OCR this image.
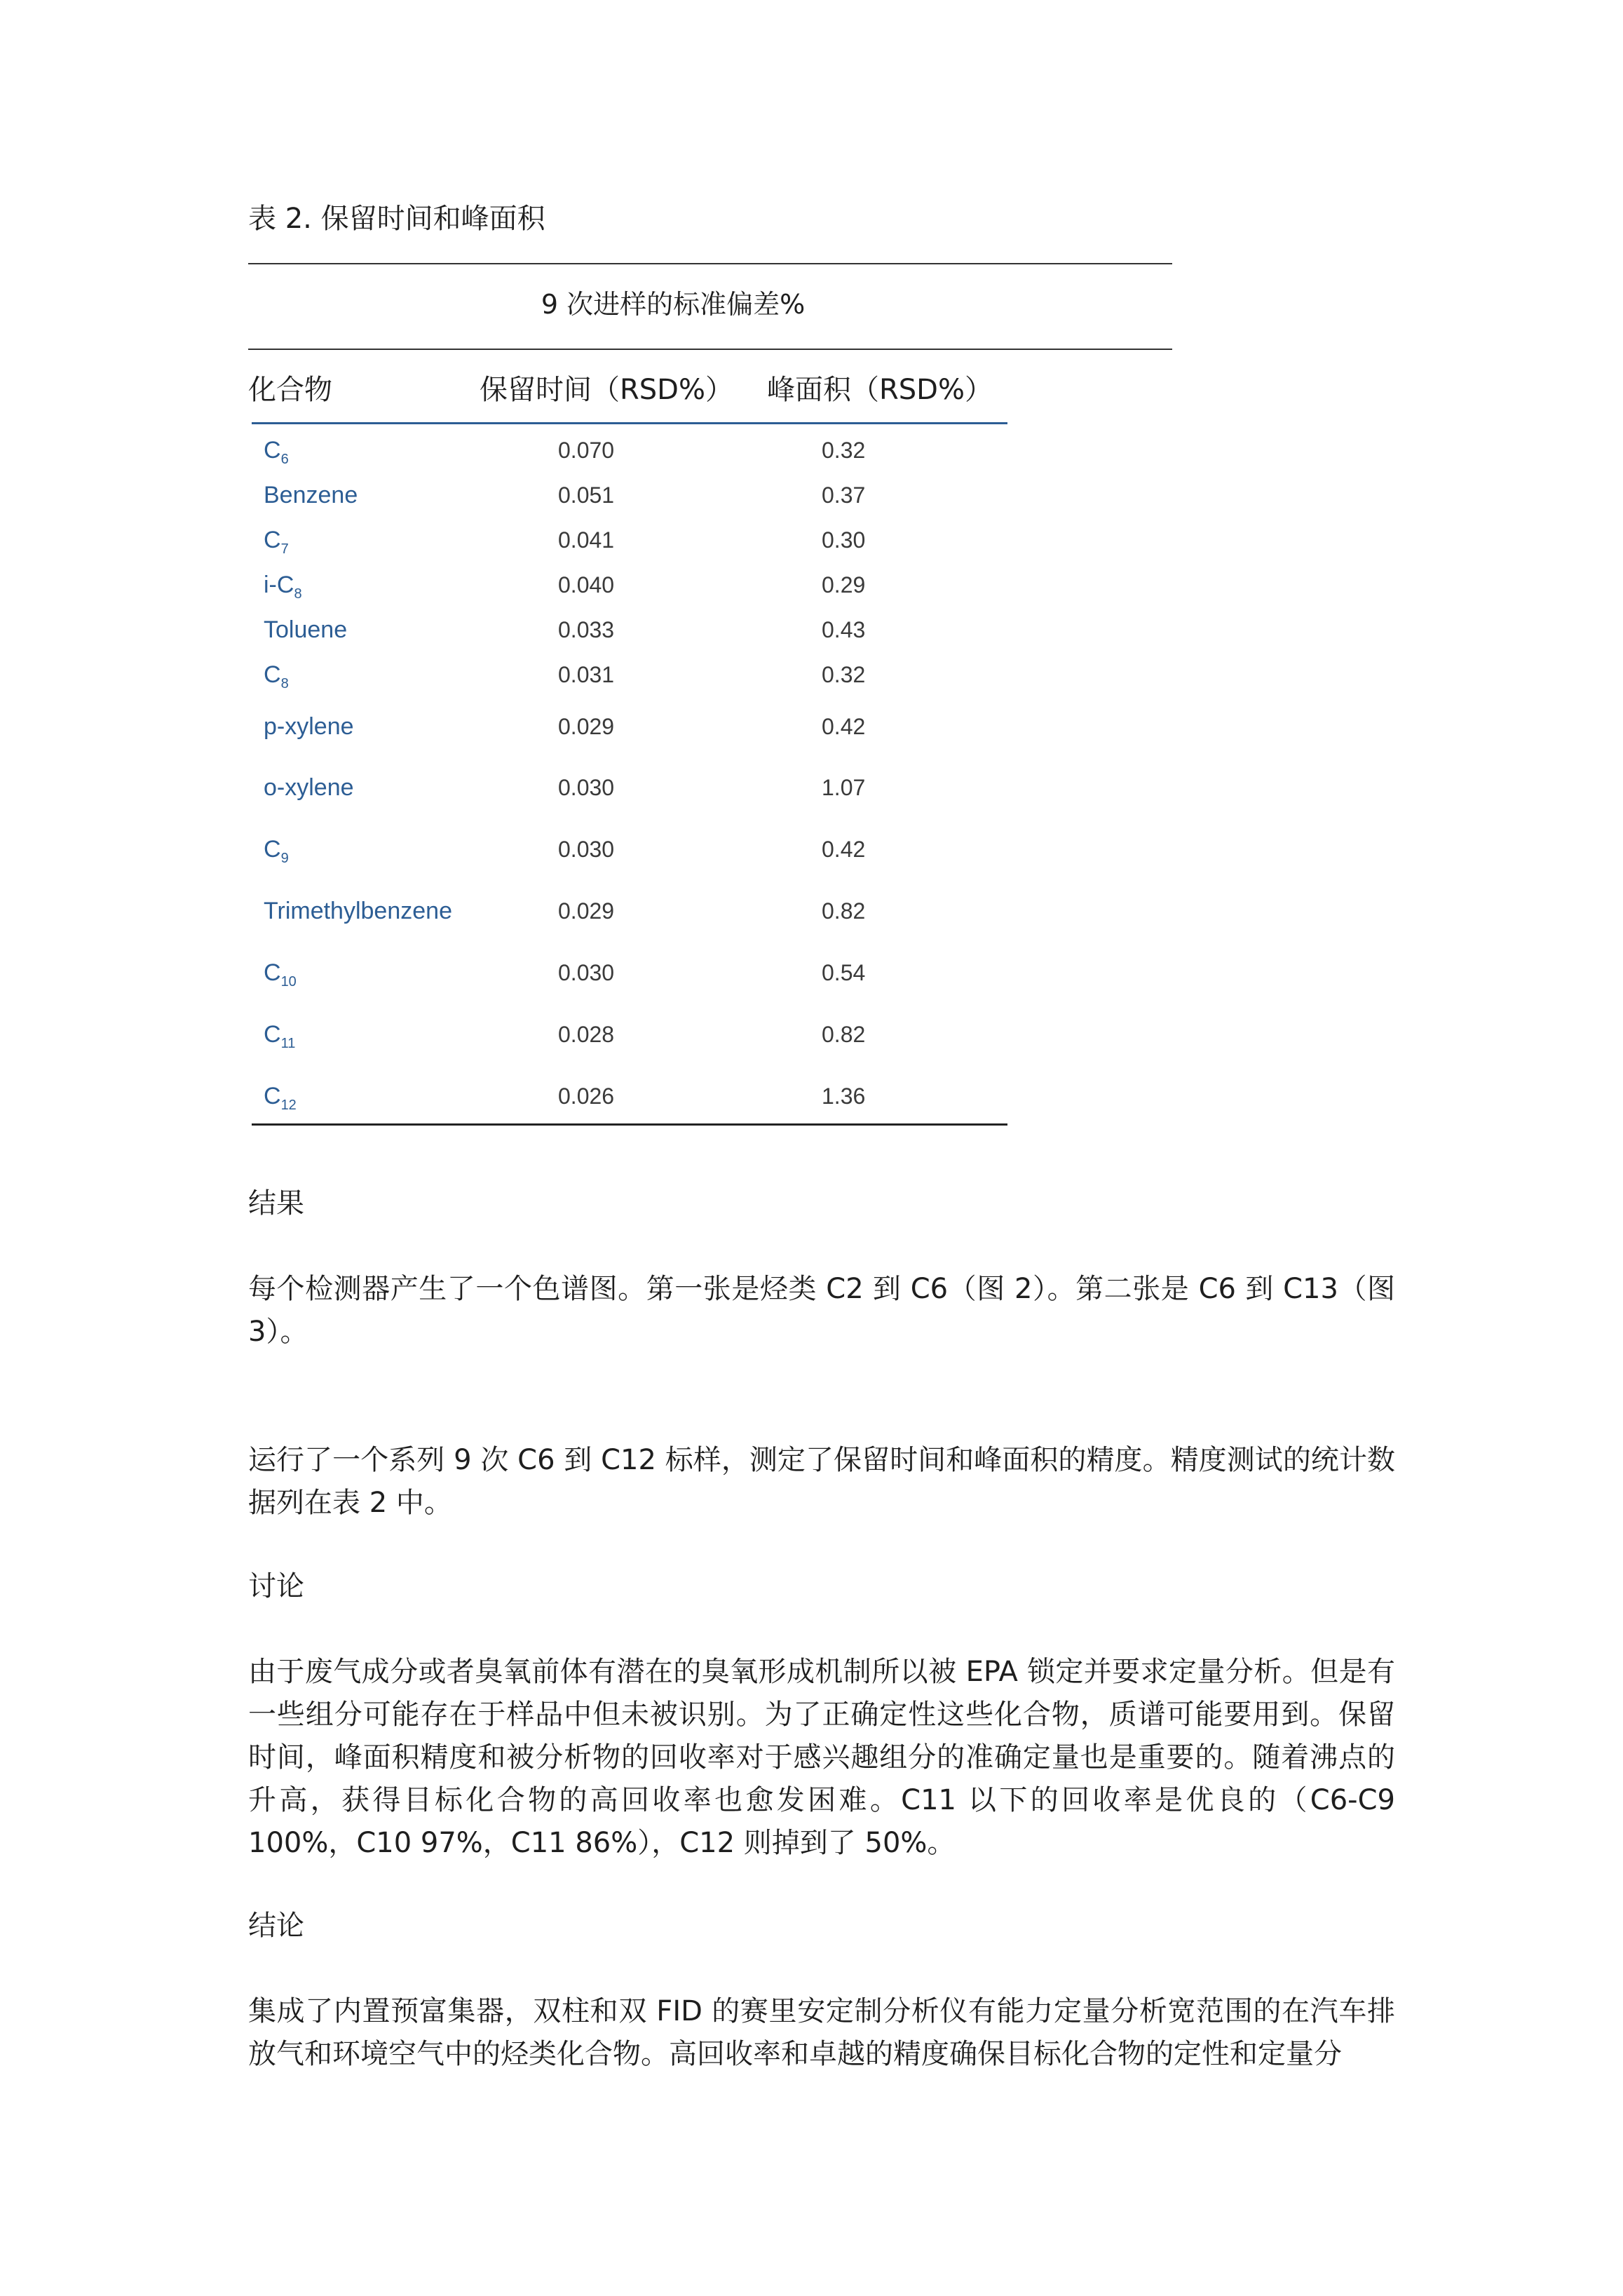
表 2. 保留时间和峰面积
9 次进样的标准偏差%
化合物	保留时间（RSD%） 峰面积（RSD%）
$C_6$	0.070	0.32
Benzene	0.051	0.37
$C_7$	0.041	0.30
$i-C_8$	0.040	0.29
Toluene	0.033	0.43
$C_8$	0.031	0.32
p-xylene	0.029	0.42
o-xylene	0.030	1.07
$C_9$	0.030	0.42
Trimethylbenzene	0.029	0.82
$C_{10}$	0.030	0.54
$C_{11}$	0.028	0.82
$C_{12}$	0.026	1.36
结果
每个检测器产生了一个色谱图。第一张是烃类 C2 到 C6（图 2）。第二张是 C6 到 C13（图 3）。
运行了一个系列 9 次 C6 到 C12 标样，测定了保留时间和峰面积的精度。精度测试的统计数据列在表 2 中。
讨论
由于废气成分或者臭氧前体有潜在的臭氧形成机制所以被 EPA 锁定并要求定量分析。但是有一些组分可能存在于样品中但未被识别。为了正确定性这些化合物，质谱可能要用到。保留时间，峰面积精度和被分析物的回收率对于感兴趣组分的准确定量也是重要的。随着沸点的升高，获得目标化合物的高回收率也愈发困难。C11 以下的回收率是优良的（C6-C9 100%，C10 97%，C11 86%），C12 则掉到了 50%。
结论
集成了内置预富集器，双柱和双 FID 的赛里安定制分析仪有能力定量分析宽范围的在汽车排放气和环境空气中的烃类化合物。高回收率和卓越的精度确保目标化合物的定性和定量分
